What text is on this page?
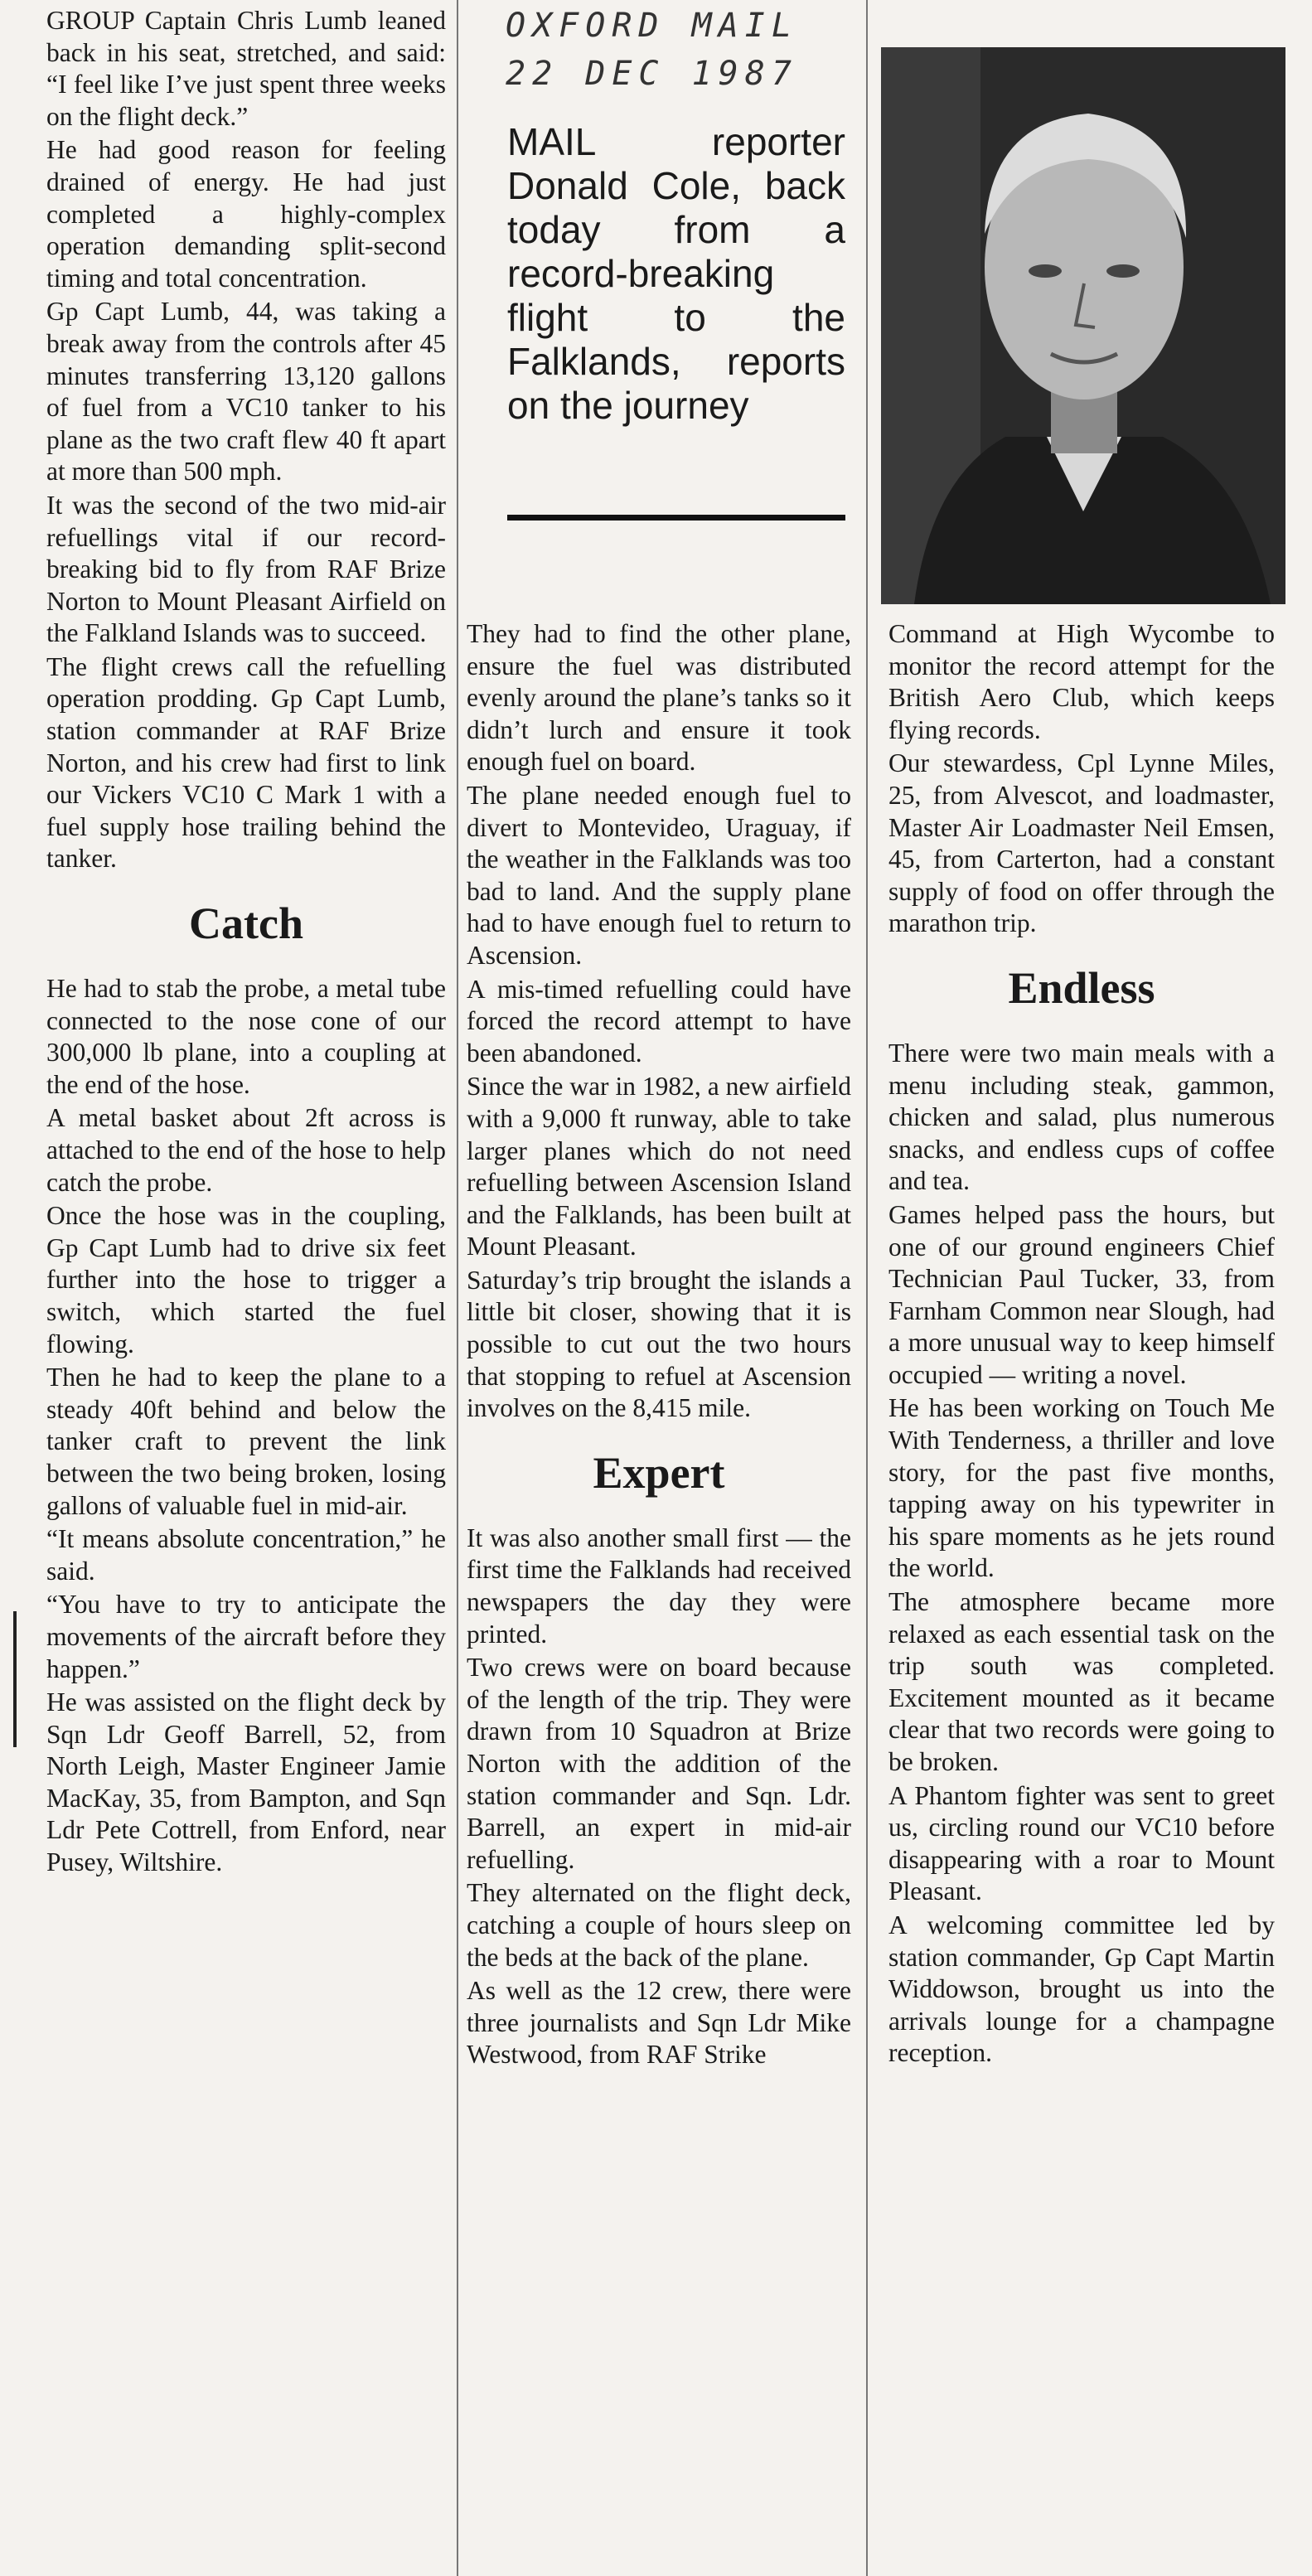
OXFORD MAIL
22 DEC 1987
MAIL reporter Donald Cole, back today from a record-breaking flight to the Falklands, reports on the journey

GROUP Captain Chris Lumb leaned back in his seat, stretched, and said: “I feel like I’ve just spent three weeks on the flight deck.”

He had good reason for feeling drained of energy. He had just completed a highly-complex operation demanding split-second timing and total concentration.

Gp Capt Lumb, 44, was taking a break away from the controls after 45 minutes transferring 13,120 gallons of fuel from a VC10 tanker to his plane as the two craft flew 40 ft apart at more than 500 mph.

It was the second of the two mid-air refuellings vital if our record-breaking bid to fly from RAF Brize Norton to Mount Pleasant Airfield on the Falkland Islands was to succeed.

The flight crews call the refuelling operation prodding. Gp Capt Lumb, station commander at RAF Brize Norton, and his crew had first to link our Vickers VC10 C Mark 1 with a fuel supply hose trailing behind the tanker.

Catch

He had to stab the probe, a metal tube connected to the nose cone of our 300,000 lb plane, into a coupling at the end of the hose.

A metal basket about 2ft across is attached to the end of the hose to help catch the probe.

Once the hose was in the coupling, Gp Capt Lumb had to drive six feet further into the hose to trigger a switch, which started the fuel flowing.

Then he had to keep the plane to a steady 40ft behind and below the tanker craft to prevent the link between the two being broken, losing gallons of valuable fuel in mid-air.

“It means absolute concentration,” he said.

“You have to try to anticipate the movements of the aircraft before they happen.”

He was assisted on the flight deck by Sqn Ldr Geoff Barrell, 52, from North Leigh, Master Engineer Jamie MacKay, 35, from Bampton, and Sqn Ldr Pete Cottrell, from Enford, near Pusey, Wiltshire.

They had to find the other plane, ensure the fuel was distributed evenly around the plane’s tanks so it didn’t lurch and ensure it took enough fuel on board.

The plane needed enough fuel to divert to Montevideo, Uraguay, if the weather in the Falklands was too bad to land. And the supply plane had to have enough fuel to return to Ascension.

A mis-timed refuelling could have forced the record attempt to have been abandoned.

Since the war in 1982, a new airfield with a 9,000 ft runway, able to take larger planes which do not need refuelling between Ascension Island and the Falklands, has been built at Mount Pleasant.

Saturday’s trip brought the islands a little bit closer, showing that it is possible to cut out the two hours that stopping to refuel at Ascension involves on the 8,415 mile.

Expert

It was also another small first — the first time the Falklands had received newspapers the day they were printed.

Two crews were on board because of the length of the trip. They were drawn from 10 Squadron at Brize Norton with the addition of the station commander and Sqn. Ldr. Barrell, an expert in mid-air refuelling.

They alternated on the flight deck, catching a couple of hours sleep on the beds at the back of the plane.

As well as the 12 crew, there were three journalists and Sqn Ldr Mike Westwood, from RAF Strike

Command at High Wycombe to monitor the record attempt for the British Aero Club, which keeps flying records.

Our stewardess, Cpl Lynne Miles, 25, from Alvescot, and loadmaster, Master Air Loadmaster Neil Emsen, 45, from Carterton, had a constant supply of food on offer through the marathon trip.

Endless

There were two main meals with a menu including steak, gammon, chicken and salad, plus numerous snacks, and endless cups of coffee and tea.

Games helped pass the hours, but one of our ground engineers Chief Technician Paul Tucker, 33, from Farnham Common near Slough, had a more unusual way to keep himself occupied — writing a novel.

He has been working on Touch Me With Tenderness, a thriller and love story, for the past five months, tapping away on his typewriter in his spare moments as he jets round the world.

The atmosphere became more relaxed as each essential task on the trip south was completed. Excitement mounted as it became clear that two records were going to be broken.

A Phantom fighter was sent to greet us, circling round our VC10 before disappearing with a roar to Mount Pleasant.

A welcoming committee led by station commander, Gp Capt Martin Widdowson, brought us into the arrivals lounge for a champagne reception.
